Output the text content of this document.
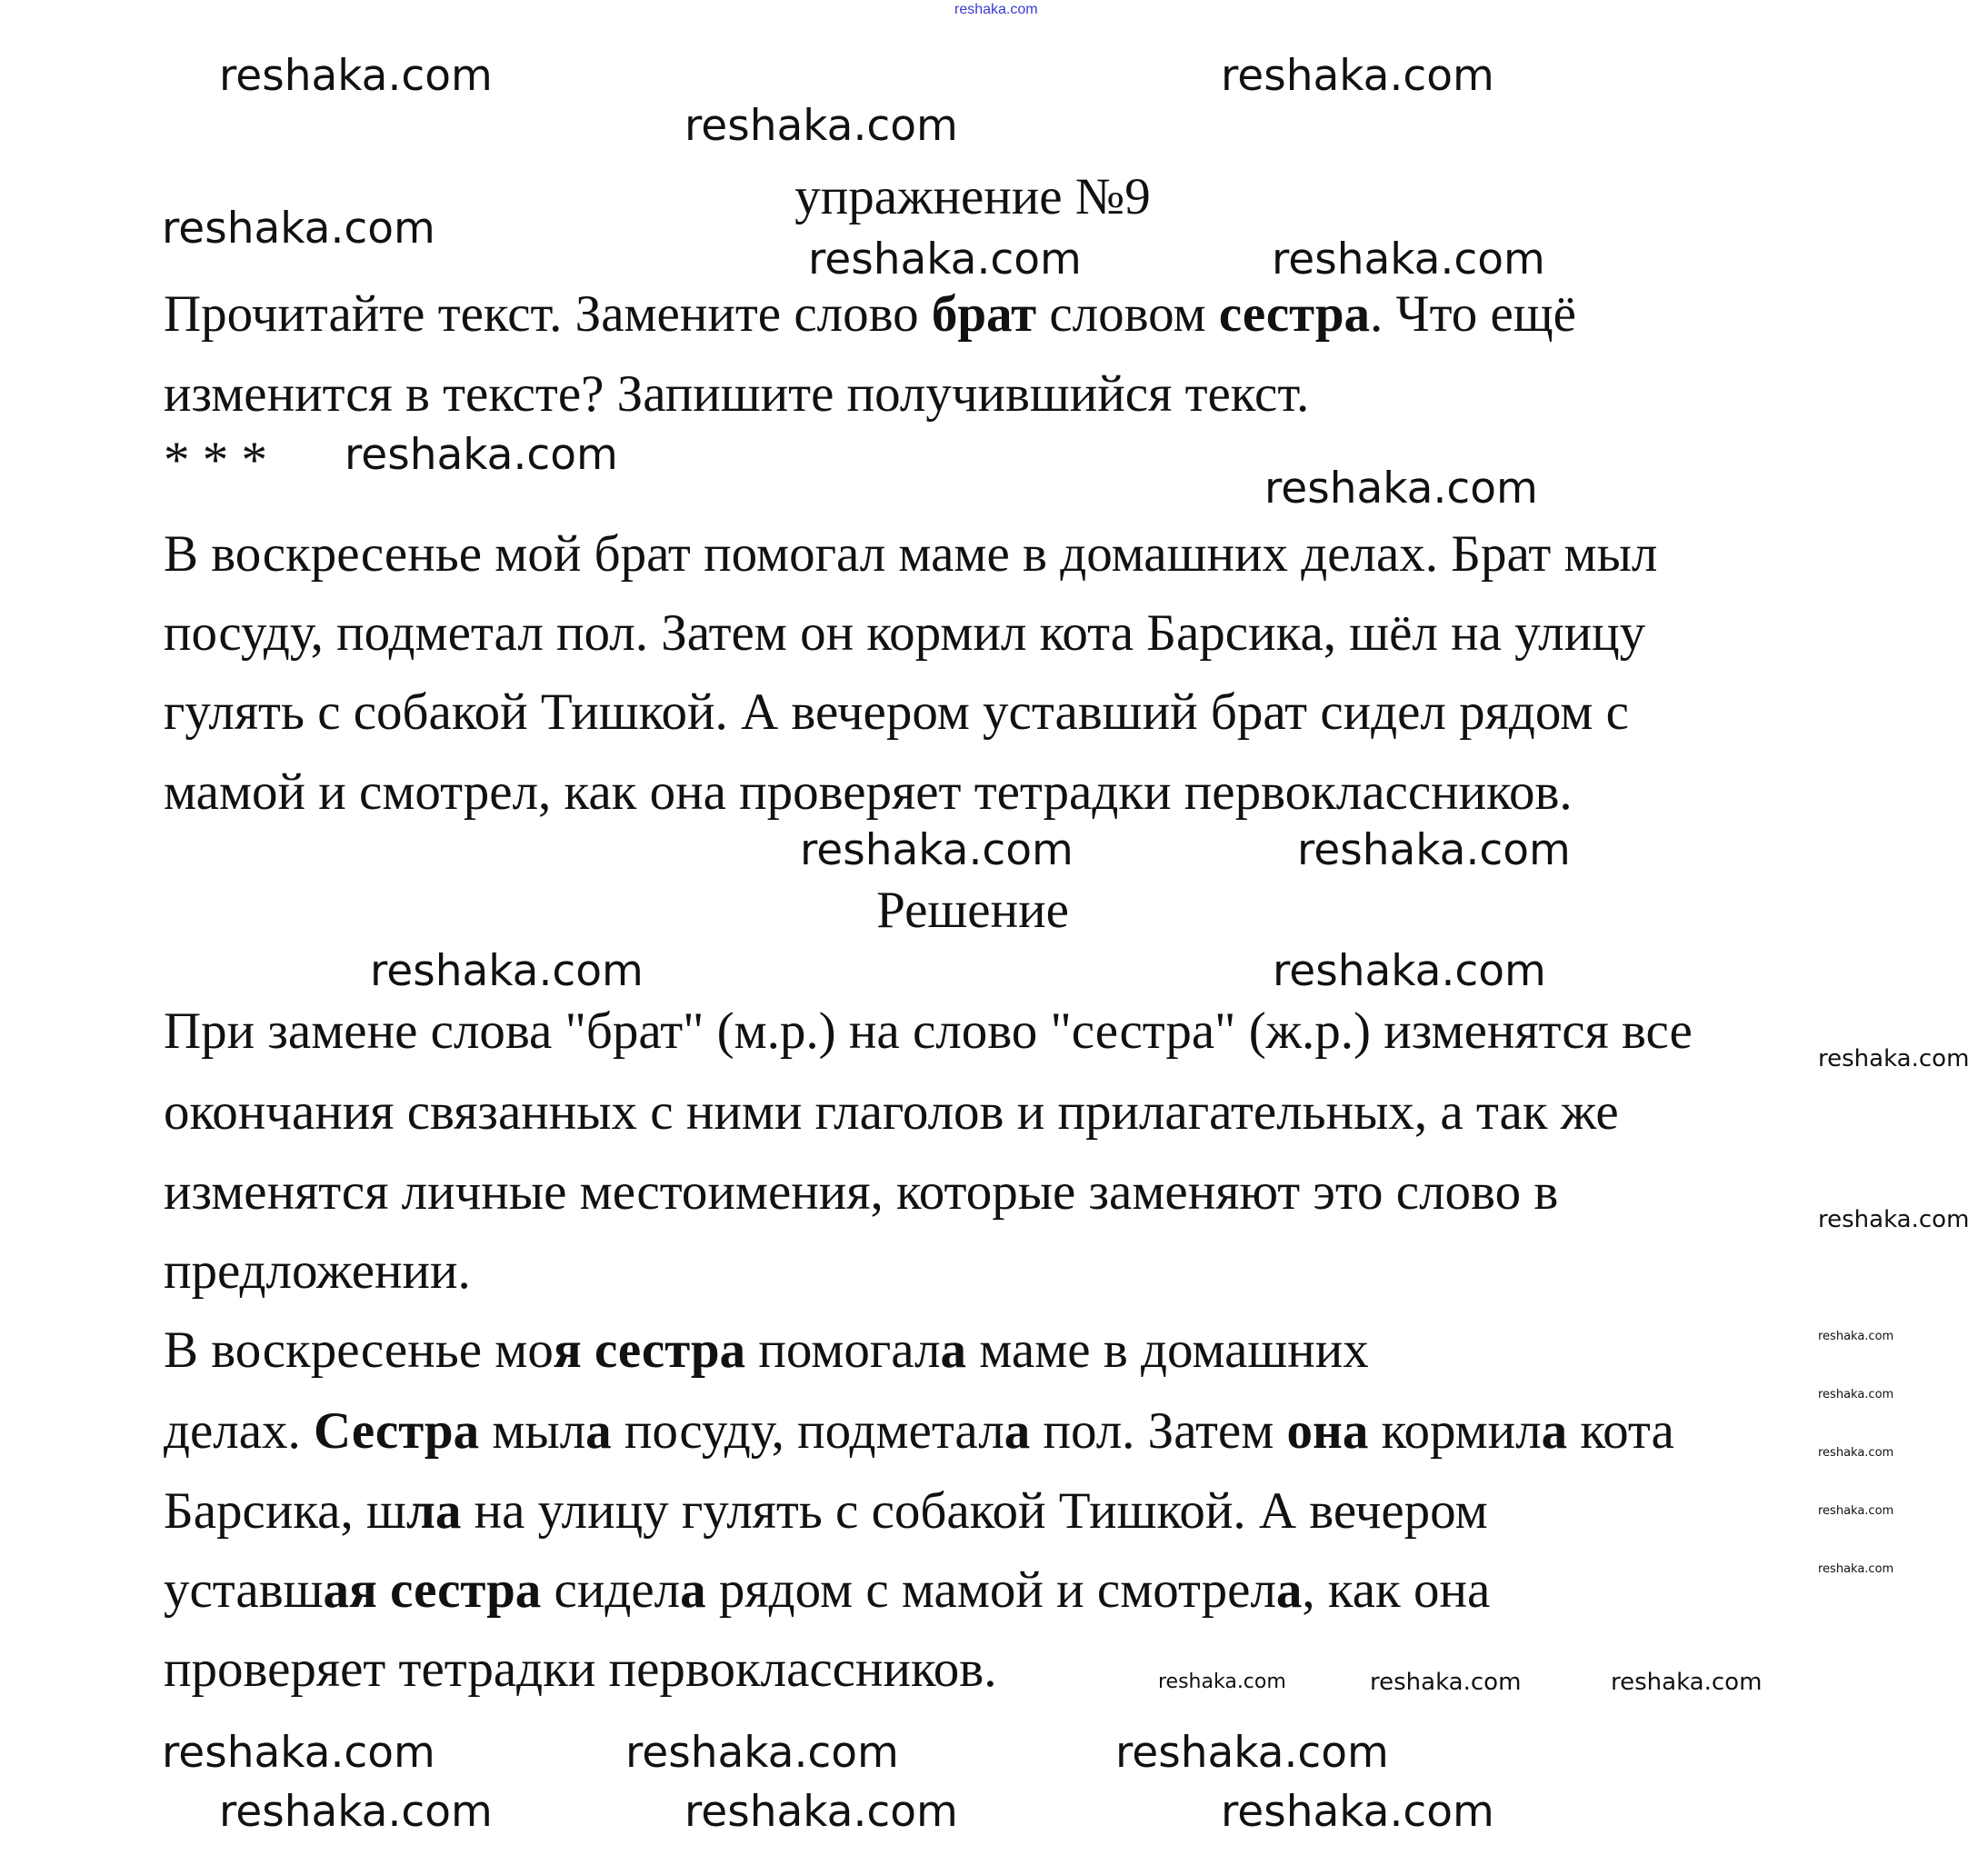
reshaka.com
упражнение №9
Прочитайте текст. Замените слово брат словом сестра. Что ещё
изменится в тексте? Запишите получившийся текст.
* * *
В воскресенье мой брат помогал маме в домашних делах. Брат мыл
посуду, подметал пол. Затем он кормил кота Барсика, шёл на улицу
гулять с собакой Тишкой. А вечером уставший брат сидел рядом с
мамой и смотрел, как она проверяет тетрадки первоклассников.
Решение
При замене слова "брат" (м.р.) на слово "сестра" (ж.р.) изменятся все
окончания связанных с ними глаголов и прилагательных, а так же
изменятся личные местоимения, которые заменяют это слово в
предложении.
В воскресенье моя сестра помогала маме в домашних
делах. Сестра мыла посуду, подметала пол. Затем она кормила кота
Барсика, шла на улицу гулять с собакой Тишкой. А вечером
уставшая сестра сидела рядом с мамой и смотрела, как она
проверяет тетрадки первоклассников.
reshaka.com	reshaka.com
reshaka.com
reshaka.com
reshaka.com	reshaka.com
reshaka.com
reshaka.com
reshaka.com	reshaka.com
reshaka.com
reshaka.com
reshaka.com
reshaka.com	reshaka.com	reshaka.com
reshaka.com
reshaka.com
reshaka.com
reshaka.com
reshaka.com
reshaka.com
reshaka.com	reshaka.com	reshaka.com
reshaka.com	reshaka.com	reshaka.com
